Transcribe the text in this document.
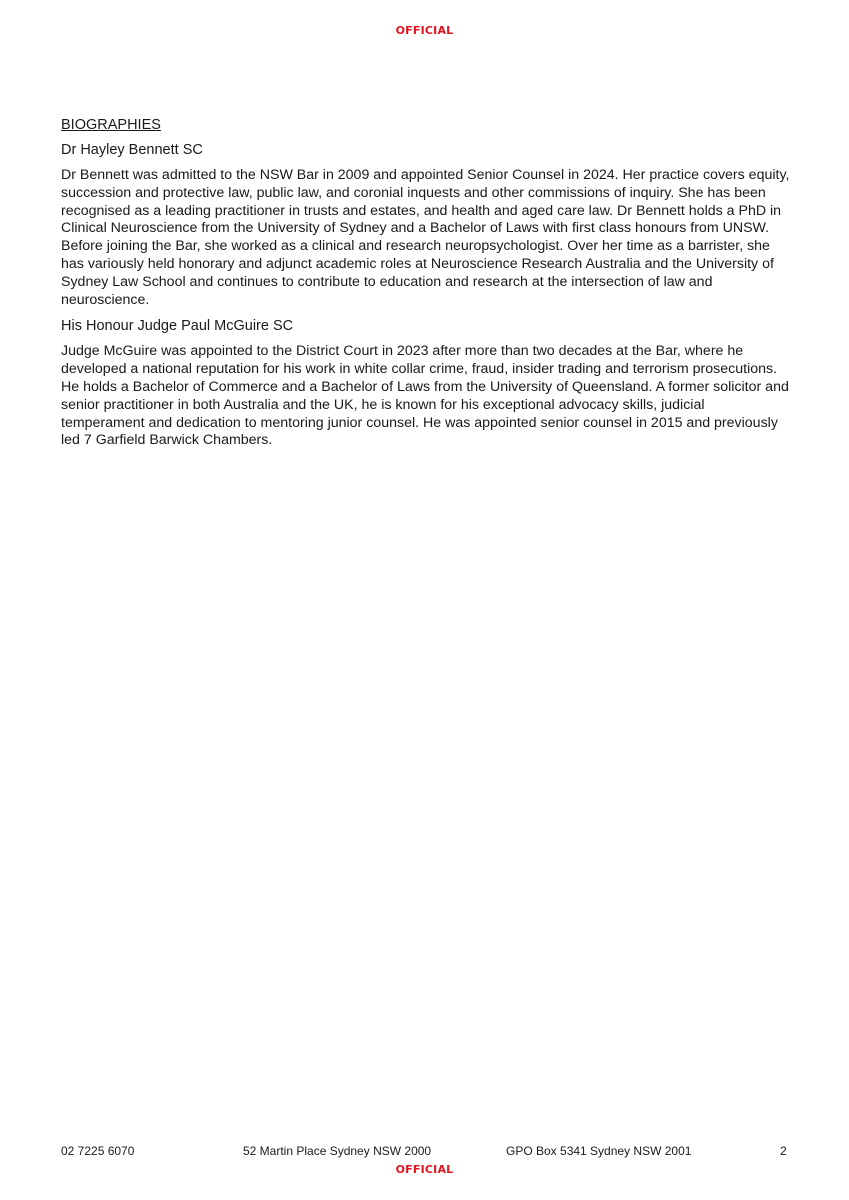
OFFICIAL
BIOGRAPHIES
Dr Hayley Bennett SC

Dr Bennett was admitted to the NSW Bar in 2009 and appointed Senior Counsel in 2024. Her practice covers equity, succession and protective law, public law, and coronial inquests and other commissions of inquiry. She has been recognised as a leading practitioner in trusts and estates, and health and aged care law. Dr Bennett holds a PhD in Clinical Neuroscience from the University of Sydney and a Bachelor of Laws with first class honours from UNSW. Before joining the Bar, she worked as a clinical and research neuropsychologist. Over her time as a barrister, she has variously held honorary and adjunct academic roles at Neuroscience Research Australia and the University of Sydney Law School and continues to contribute to education and research at the intersection of law and neuroscience.

His Honour Judge Paul McGuire SC

Judge McGuire was appointed to the District Court in 2023 after more than two decades at the Bar, where he developed a national reputation for his work in white collar crime, fraud, insider trading and terrorism prosecutions. He holds a Bachelor of Commerce and a Bachelor of Laws from the University of Queensland. A former solicitor and senior practitioner in both Australia and the UK, he is known for his exceptional advocacy skills, judicial temperament and dedication to mentoring junior counsel. He was appointed senior counsel in 2015 and previously led 7 Garfield Barwick Chambers.

02 7225 6070	52 Martin Place Sydney NSW 2000	GPO Box 5341 Sydney NSW 2001	2
OFFICIAL
